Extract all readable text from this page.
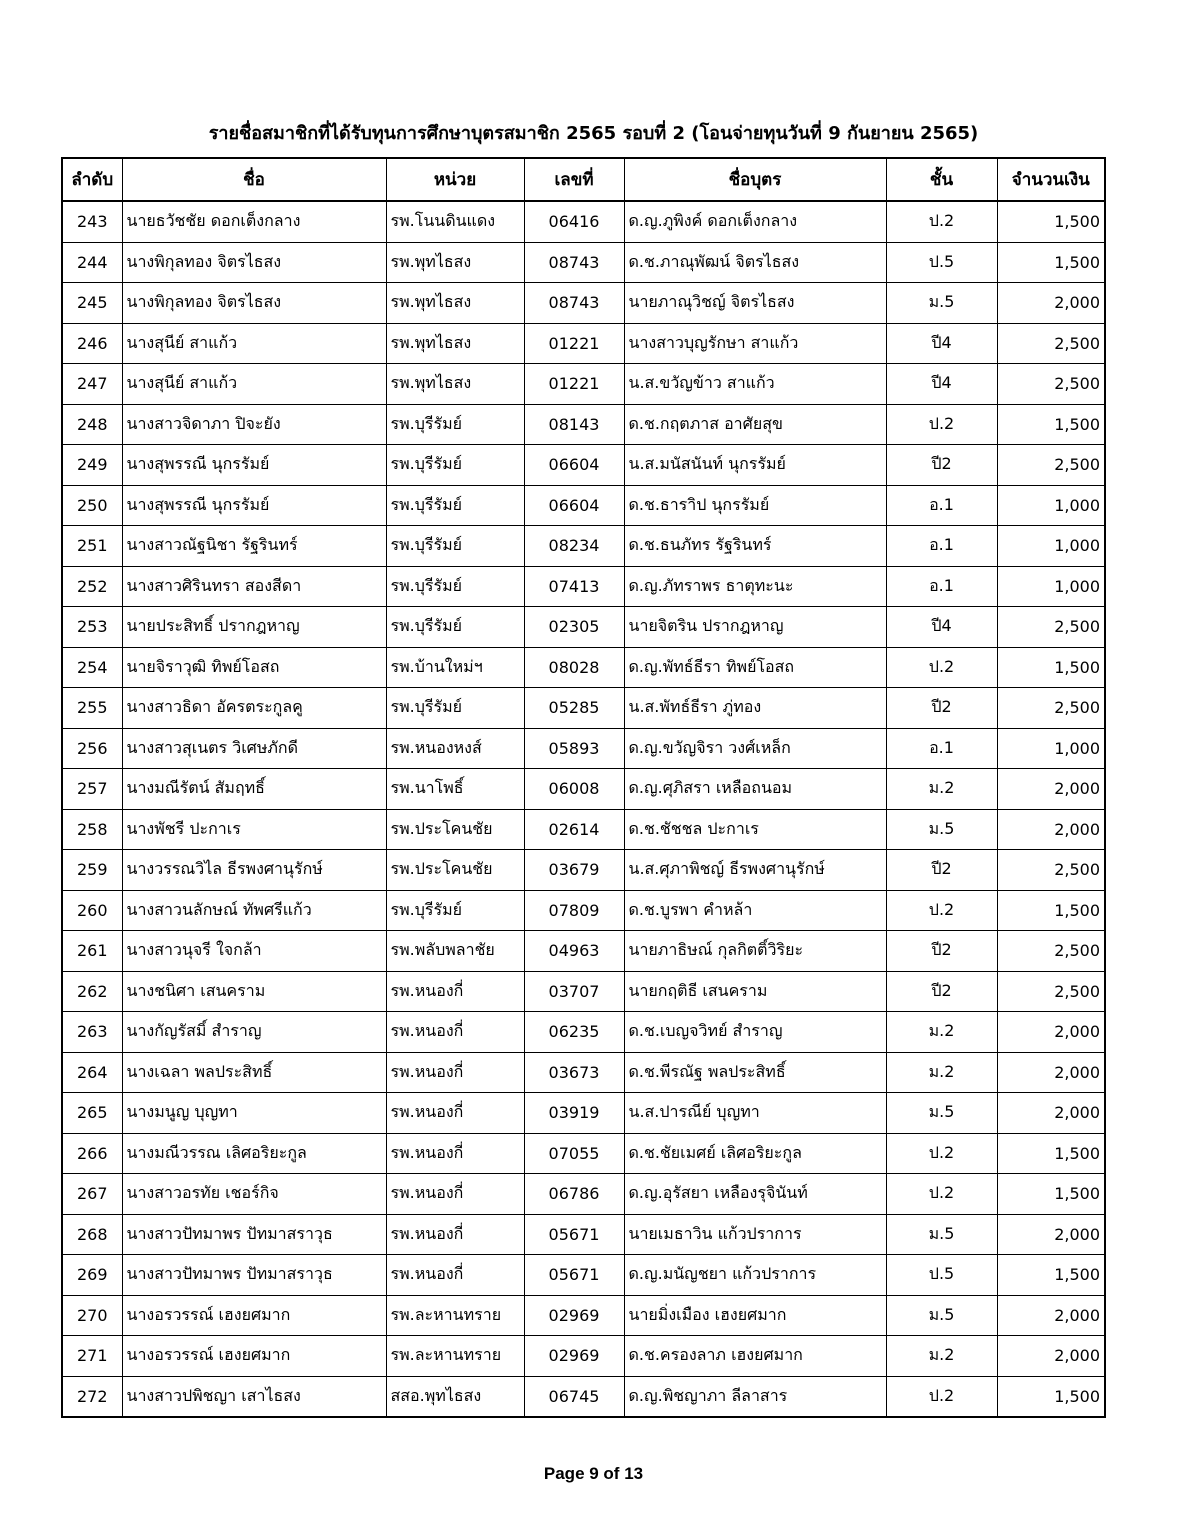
รายชื่อสมาชิกที่ได้รับทุนการศึกษาบุตรสมาชิก 2565 รอบที่ 2 (โอนจ่ายทุนวันที่ 9 กันยายน 2565)
ลำดับ	ชื่อ	หน่วย	เลขที่	ชื่อบุตร	ชั้น	จำนวนเงิน
243	นายธวัชชัย ดอกเต็งกลาง	รพ.โนนดินแดง	06416	ด.ญ.ภูพิงค์ ดอกเต็งกลาง	ป.2	1,500
244	นางพิกุลทอง จิตรไธสง	รพ.พุทไธสง	08743	ด.ช.ภาณุพัฒน์ จิตรไธสง	ป.5	1,500
245	นางพิกุลทอง จิตรไธสง	รพ.พุทไธสง	08743	นายภาณุวิชญ์ จิตรไธสง	ม.5	2,000
246	นางสุนีย์ สาแก้ว	รพ.พุทไธสง	01221	นางสาวบุญรักษา สาแก้ว	ปี4	2,500
247	นางสุนีย์ สาแก้ว	รพ.พุทไธสง	01221	น.ส.ขวัญข้าว สาแก้ว	ปี4	2,500
248	นางสาวจิดาภา ปิจะยัง	รพ.บุรีรัมย์	08143	ด.ช.กฤตภาส อาศัยสุข	ป.2	1,500
249	นางสุพรรณี นุกรรัมย์	รพ.บุรีรัมย์	06604	น.ส.มนัสนันท์ นุกรรัมย์	ปี2	2,500
250	นางสุพรรณี นุกรรัมย์	รพ.บุรีรัมย์	06604	ด.ช.ธาราิป นุกรรัมย์	อ.1	1,000
251	นางสาวณัฐนิชา รัฐรินทร์	รพ.บุรีรัมย์	08234	ด.ช.ธนภัทร รัฐรินทร์	อ.1	1,000
252	นางสาวศิรินทรา สองสีดา	รพ.บุรีรัมย์	07413	ด.ญ.ภัทราพร ธาตุทะนะ	อ.1	1,000
253	นายประสิทธิ์ ปรากฎหาญ	รพ.บุรีรัมย์	02305	นายจิตริน ปรากฎหาญ	ปี4	2,500
254	นายจิราวุฒิ ทิพย์โอสถ	รพ.บ้านใหม่ฯ	08028	ด.ญ.พัทธ์ธีรา ทิพย์โอสถ	ป.2	1,500
255	นางสาวธิดา อัครตระกูลคู	รพ.บุรีรัมย์	05285	น.ส.พัทธ์ธีรา ภู่ทอง	ปี2	2,500
256	นางสาวสุเนตร วิเศษภักดี	รพ.หนองหงส์	05893	ด.ญ.ขวัญจิรา วงศ์เหล็ก	อ.1	1,000
257	นางมณีรัตน์ สัมฤทธิ์	รพ.นาโพธิ์	06008	ด.ญ.ศุภิสรา เหลือถนอม	ม.2	2,000
258	นางพัชรี ปะกาเร	รพ.ประโคนชัย	02614	ด.ช.ชัชชล ปะกาเร	ม.5	2,000
259	นางวรรณวิไล ธีรพงศานุรักษ์	รพ.ประโคนชัย	03679	น.ส.ศุภาพิชญ์ ธีรพงศานุรักษ์	ปี2	2,500
260	นางสาวนลักษณ์ ทัพศรีแก้ว	รพ.บุรีรัมย์	07809	ด.ช.บูรพา คำหล้า	ป.2	1,500
261	นางสาวนุจรี ใจกล้า	รพ.พลับพลาชัย	04963	นายภาธิษณ์ กุลกิตติ์วิริยะ	ปี2	2,500
262	นางชนิศา เสนคราม	รพ.หนองกี่	03707	นายกฤติธี เสนคราม	ปี2	2,500
263	นางกัญรัสมิ์ สำราญ	รพ.หนองกี่	06235	ด.ช.เบญจวิทย์ สำราญ	ม.2	2,000
264	นางเฉลา พลประสิทธิ์	รพ.หนองกี่	03673	ด.ช.พีรณัฐ พลประสิทธิ์	ม.2	2,000
265	นางมนูญ บุญทา	รพ.หนองกี่	03919	น.ส.ปารณีย์ บุญทา	ม.5	2,000
266	นางมณีวรรณ เลิศอริยะกูล	รพ.หนองกี่	07055	ด.ช.ชัยเมศย์ เลิศอริยะกูล	ป.2	1,500
267	นางสาวอรทัย เชอร์กิจ	รพ.หนองกี่	06786	ด.ญ.อุรัสยา เหลืองรุจินันท์	ป.2	1,500
268	นางสาวปัทมาพร ปัทมาสราวุธ	รพ.หนองกี่	05671	นายเมธาวิน แก้วปราการ	ม.5	2,000
269	นางสาวปัทมาพร ปัทมาสราวุธ	รพ.หนองกี่	05671	ด.ญ.มนัญชยา แก้วปราการ	ป.5	1,500
270	นางอรวรรณ์ เฮงยศมาก	รพ.ละหานทราย	02969	นายมิ่งเมือง เฮงยศมาก	ม.5	2,000
271	นางอรวรรณ์ เฮงยศมาก	รพ.ละหานทราย	02969	ด.ช.ครองลาภ เฮงยศมาก	ม.2	2,000
272	นางสาวปพิชญา เสาไธสง	สสอ.พุทไธสง	06745	ด.ญ.พิชญาภา ลีลาสาร	ป.2	1,500
Page 9 of 13
